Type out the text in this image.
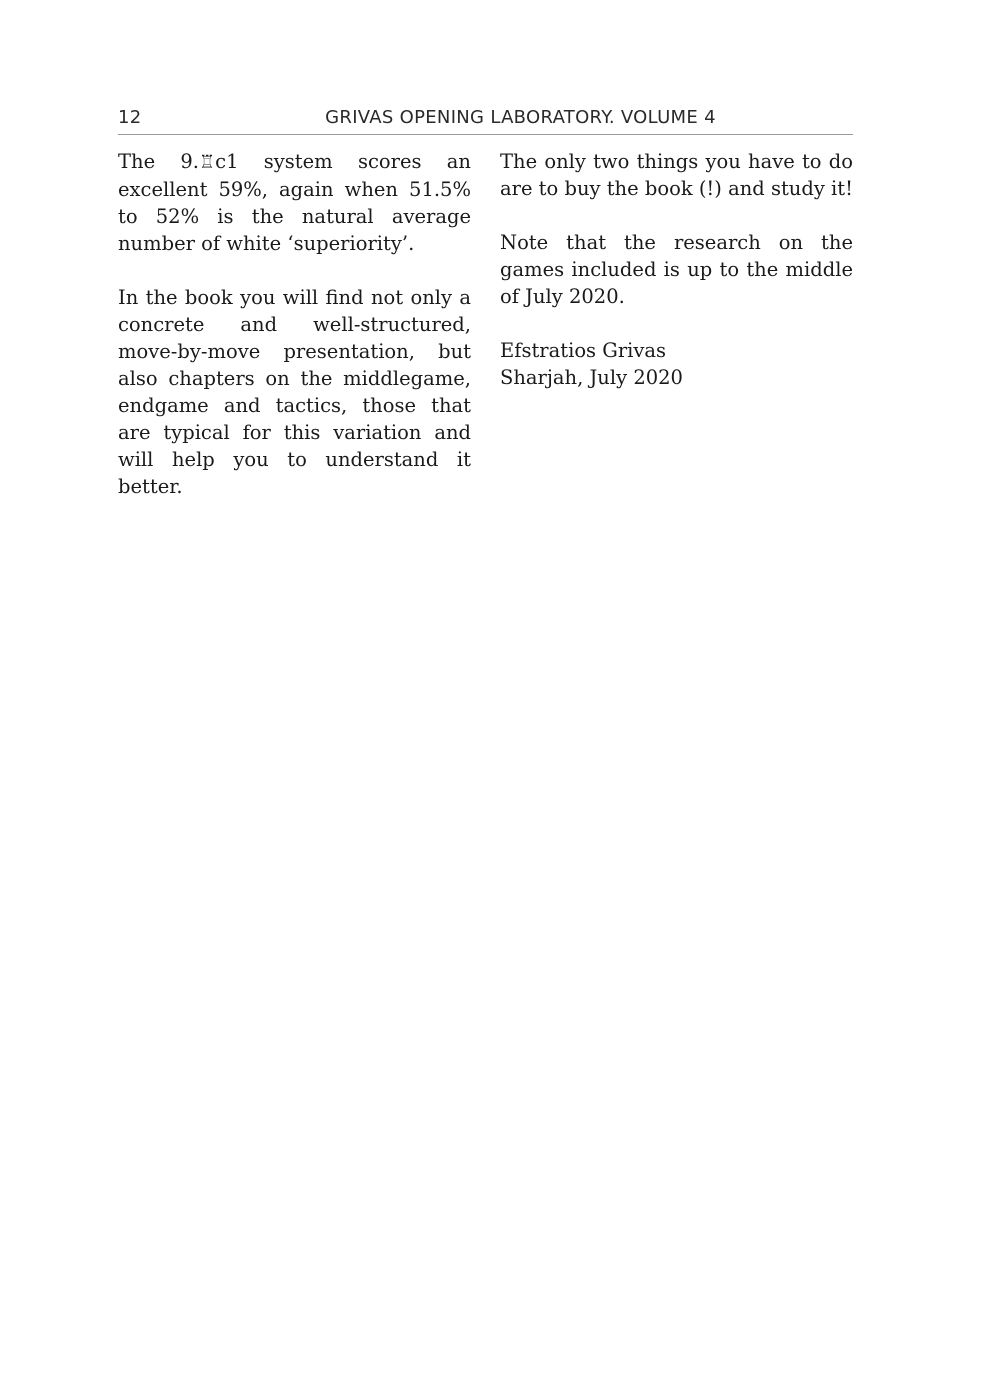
12	GRIVAS OPENING LABORATORY. VOLUME 4

The 9.♖c1 system scores an excellent 59%, again when 51.5% to 52% is the natural average number of white ‘superiority’.

In the book you will find not only a concrete and well-structured, move-by-move presentation, but also chapters on the middlegame, endgame and tactics, those that are typical for this variation and will help you to understand it better.

The only two things you have to do are to buy the book (!) and study it!

Note that the research on the games included is up to the middle of July 2020.

Efstratios Grivas
Sharjah, July 2020
